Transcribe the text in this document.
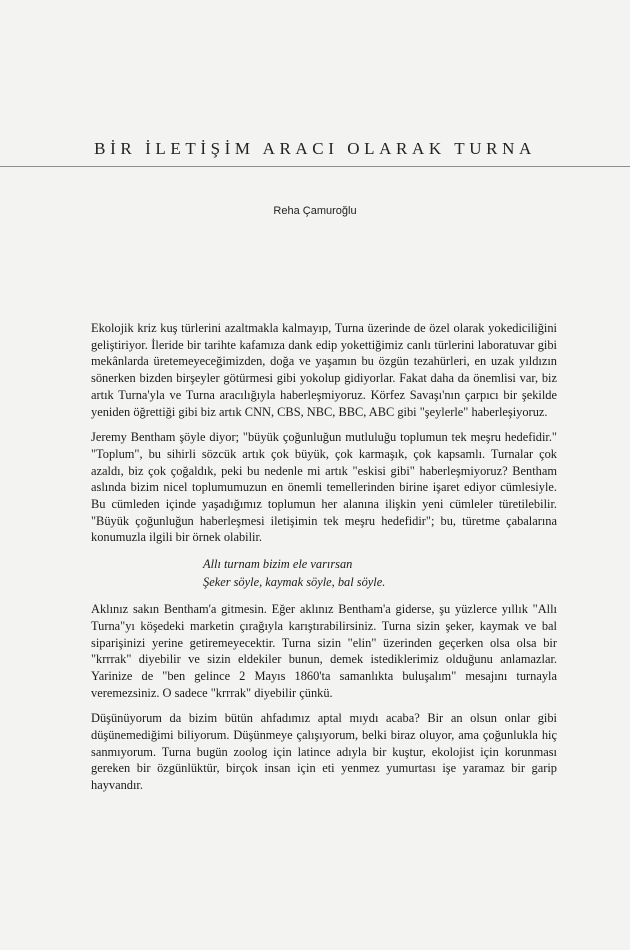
BİR İLETİŞİM ARACI OLARAK TURNA
Reha Çamuroğlu

Ekolojik kriz kuş türlerini azaltmakla kalmayıp, Turna üzerinde de özel olarak yokediciliğini geliştiriyor. İleride bir tarihte kafamıza dank edip yokettiğimiz canlı türlerini laboratuvar gibi mekânlarda üretemeyeceğimizden, doğa ve yaşamın bu özgün tezahürleri, en uzak yıldızın sönerken bizden birşeyler götürmesi gibi yokolup gidiyorlar. Fakat daha da önemlisi var, biz artık Turna'yla ve Turna aracılığıyla haberleşmiyoruz. Körfez Savaşı'nın çarpıcı bir şekilde yeniden öğrettiği gibi biz artık CNN, CBS, NBC, BBC, ABC gibi "şeylerle" haberleşiyoruz.

Jeremy Bentham şöyle diyor; "büyük çoğunluğun mutluluğu toplumun tek meşru hedefidir." "Toplum", bu sihirli sözcük artık çok büyük, çok karmaşık, çok kapsamlı. Turnalar çok azaldı, biz çok çoğaldık, peki bu nedenle mi artık "eskisi gibi" haberleşmiyoruz? Bentham aslında bizim nicel toplumumuzun en önemli temellerinden birine işaret ediyor cümlesiyle. Bu cümleden içinde yaşadığımız toplumun her alanına ilişkin yeni cümleler türetilebilir. "Büyük çoğunluğun haberleşmesi iletişimin tek meşru hedefidir"; bu, türetme çabalarına konumuzla ilgili bir örnek olabilir.

Allı turnam bizim ele varırsan
Şeker söyle, kaymak söyle, bal söyle.

Aklınız sakın Bentham'a gitmesin. Eğer aklınız Bentham'a giderse, şu yüzlerce yıllık "Allı Turna"yı köşedeki marketin çırağıyla karıştırabilirsiniz. Turna sizin şeker, kaymak ve bal siparişinizi yerine getiremeyecektir. Turna sizin "elin" üzerinden geçerken olsa olsa bir "krrrak" diyebilir ve sizin eldekiler bunun, demek istediklerimiz olduğunu anlamazlar. Yarinize de "ben gelince 2 Mayıs 1860'ta samanlıkta buluşalım" mesajını turnayla veremezsiniz. O sadece "krrrak" diyebilir çünkü.

Düşünüyorum da bizim bütün ahfadımız aptal mıydı acaba? Bir an olsun onlar gibi düşünemediğimi biliyorum. Düşünmeye çalışıyorum, belki biraz oluyor, ama çoğunlukla hiç sanmıyorum. Turna bugün zoolog için latince adıyla bir kuştur, ekolojist için korunması gereken bir özgünlüktür, birçok insan için eti yenmez yumurtası işe yaramaz bir garip hayvandır.
